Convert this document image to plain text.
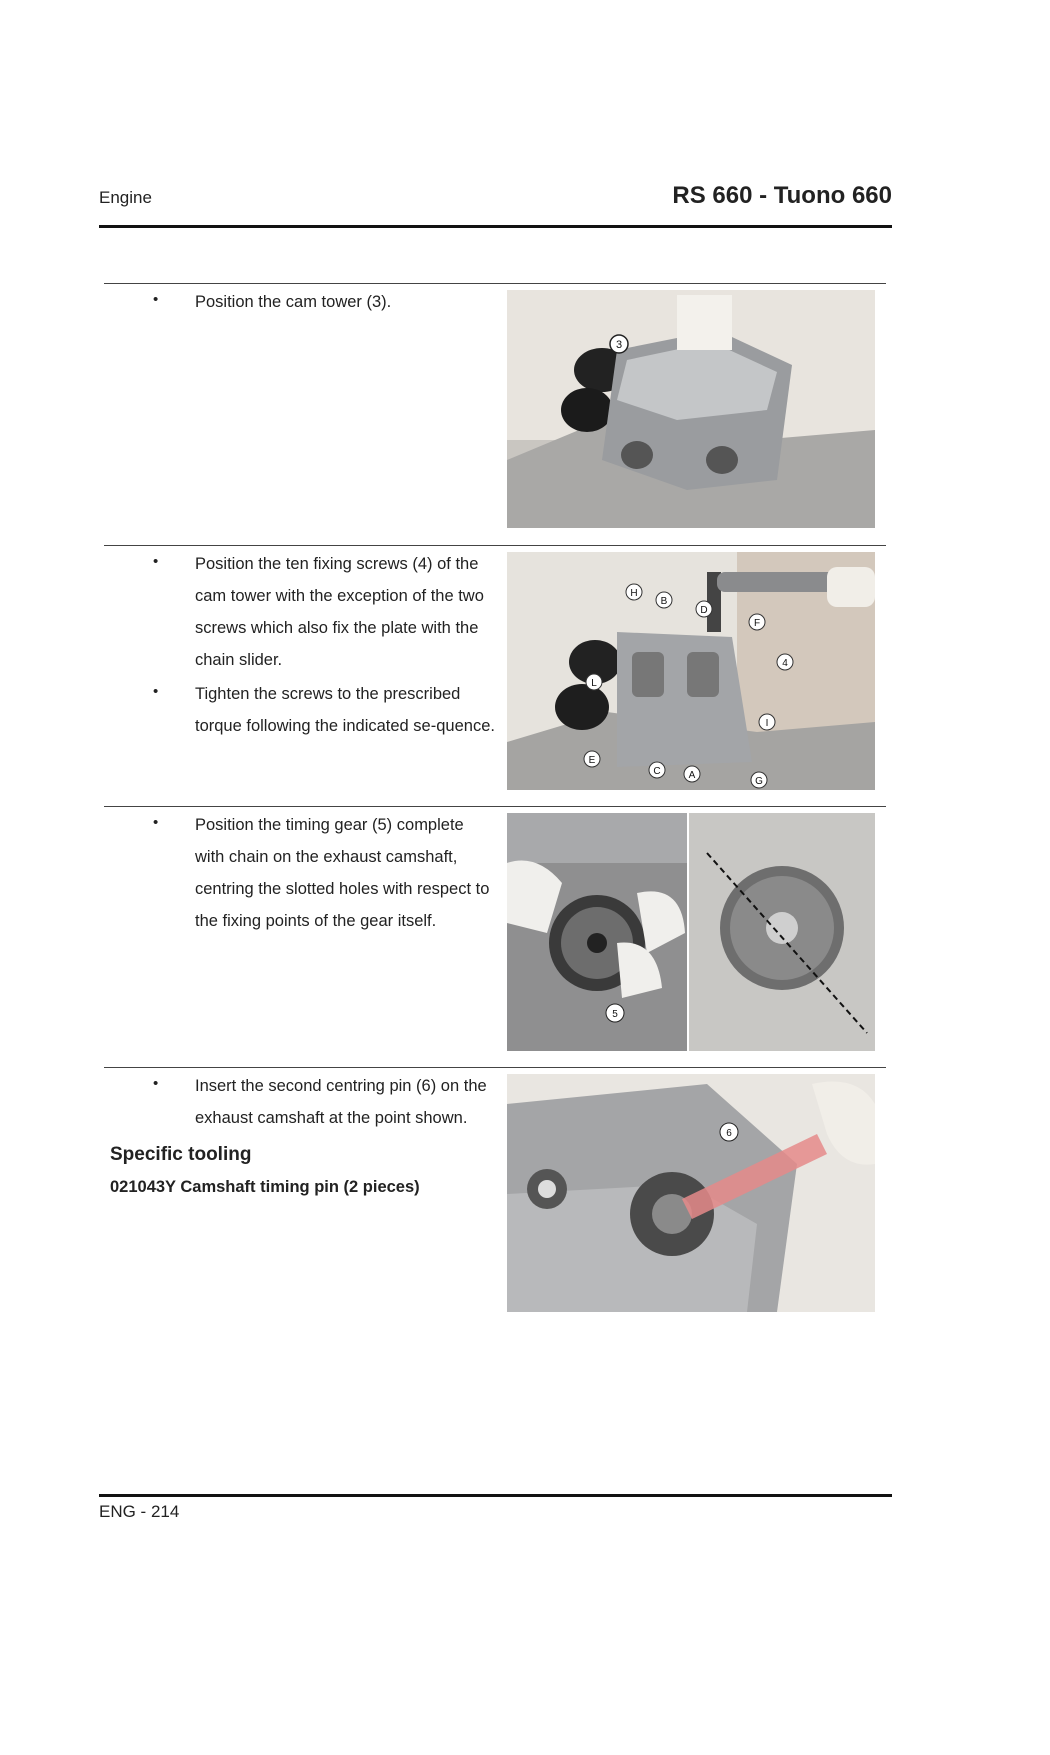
Engine	RS 660 - Tuono 660
• Position the cam tower (3).
3
• Position the ten fixing screws (4) of the cam tower with the exception of the two screws which also fix the plate with the chain slider.
• Tighten the screws to the prescribed torque following the indicated se-quence.
H
B
D
F
4
L
I
E
C	A
G
• Position the timing gear (5) complete with chain on the exhaust camshaft, centring the slotted holes with respect to the fixing points of the gear itself.
5
• Insert the second centring pin (6) on the exhaust camshaft at the point shown.
Specific tooling
021043Y Camshaft timing pin (2 pieces)
6
ENG - 214
